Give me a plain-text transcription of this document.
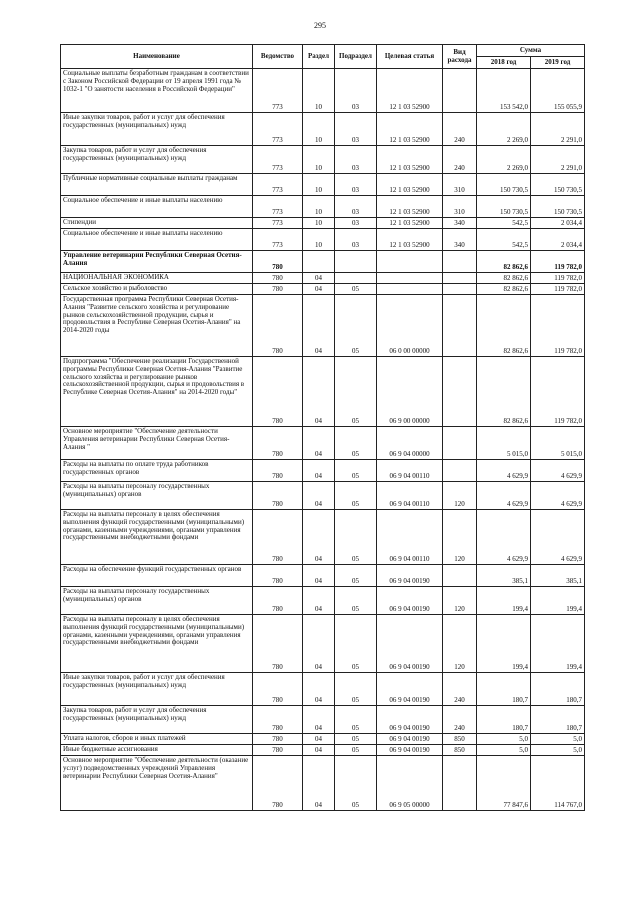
295
Наименование	Ведомство	Раздел	Подраздел	Целевая статья	Вид расхода	Сумма	
						2018 год	2019 год
Социальные выплаты безработным гражданам в соответствии с Законом Российской Федерации от 19 апреля 1991 года № 1032-1 "О занятости населения в Российской Федерации"	773	10	03	12 1 03 52900		153 542,0	155 055,9
Иные закупки товаров, работ и услуг для обеспечения государственных (муниципальных) нужд	773	10	03	12 1 03 52900	240	2 269,0	2 291,0
Закупка товаров, работ и услуг для обеспечения государственных (муниципальных) нужд	773	10	03	12 1 03 52900	240	2 269,0	2 291,0
Публичные нормативные социальные выплаты гражданам	773	10	03	12 1 03 52900	310	150 730,5	150 730,5
Социальное обеспечение и иные выплаты населению	773	10	03	12 1 03 52900	310	150 730,5	150 730,5
Стипендии	773	10	03	12 1 03 52900	340	542,5	2 034,4
Социальное обеспечение и иные выплаты населению	773	10	03	12 1 03 52900	340	542,5	2 034,4
Управление ветеринарии Республики Северная Осетия-Алания	780					82 862,6	119 782,0
НАЦИОНАЛЬНАЯ ЭКОНОМИКА	780	04				82 862,6	119 782,0
Сельское хозяйство и рыболовство	780	04	05			82 862,6	119 782,0
Государственная программа Республики Северная Осетия-Алания "Развитие сельского хозяйства и регулирование рынков сельскохозяйственной продукции, сырья и продовольствия в Республике Северная Осетия-Алания" на 2014-2020 годы	780	04	05	06 0 00 00000		82 862,6	119 782,0
Подпрограмма "Обеспечение реализации Государственной программы Республики Северная Осетия-Алания "Развитие сельского хозяйства и регулирование рынков сельскохозяйственной продукции, сырья и продовольствия в Республике Северная Осетия-Алания" на 2014-2020 годы"	780	04	05	06 9 00 00000		82 862,6	119 782,0
Основное мероприятие "Обеспечение деятельности Управления ветеринарии Республики Северная Осетия-Алания "	780	04	05	06 9 04 00000		5 015,0	5 015,0
Расходы на выплаты по оплате труда работников государственных органов	780	04	05	06 9 04 00110		4 629,9	4 629,9
Расходы на выплаты персоналу государственных (муниципальных) органов	780	04	05	06 9 04 00110	120	4 629,9	4 629,9
Расходы на выплаты персоналу в целях обеспечения выполнения функций государственными (муниципальными) органами, казенными учреждениями, органами управления государственными внебюджетными фондами	780	04	05	06 9 04 00110	120	4 629,9	4 629,9
Расходы на обеспечение функций государственных органов	780	04	05	06 9 04 00190		385,1	385,1
Расходы на выплаты персоналу государственных (муниципальных) органов	780	04	05	06 9 04 00190	120	199,4	199,4
Расходы на выплаты персоналу в целях обеспечения выполнения функций государственными (муниципальными) органами, казенными учреждениями, органами управления государственными внебюджетными фондами	780	04	05	06 9 04 00190	120	199,4	199,4
Иные закупки товаров, работ и услуг для обеспечения государственных (муниципальных) нужд	780	04	05	06 9 04 00190	240	180,7	180,7
Закупка товаров, работ и услуг для обеспечения государственных (муниципальных) нужд	780	04	05	06 9 04 00190	240	180,7	180,7
Уплата налогов, сборов и иных платежей	780	04	05	06 9 04 00190	850	5,0	5,0
Иные бюджетные ассигнования	780	04	05	06 9 04 00190	850	5,0	5,0
Основное мероприятие "Обеспечение деятельности (оказание услуг) подведомственных учреждений Управления ветеринарии Республики Северная Осетия-Алания"	780	04	05	06 9 05 00000		77 847,6	114 767,0
